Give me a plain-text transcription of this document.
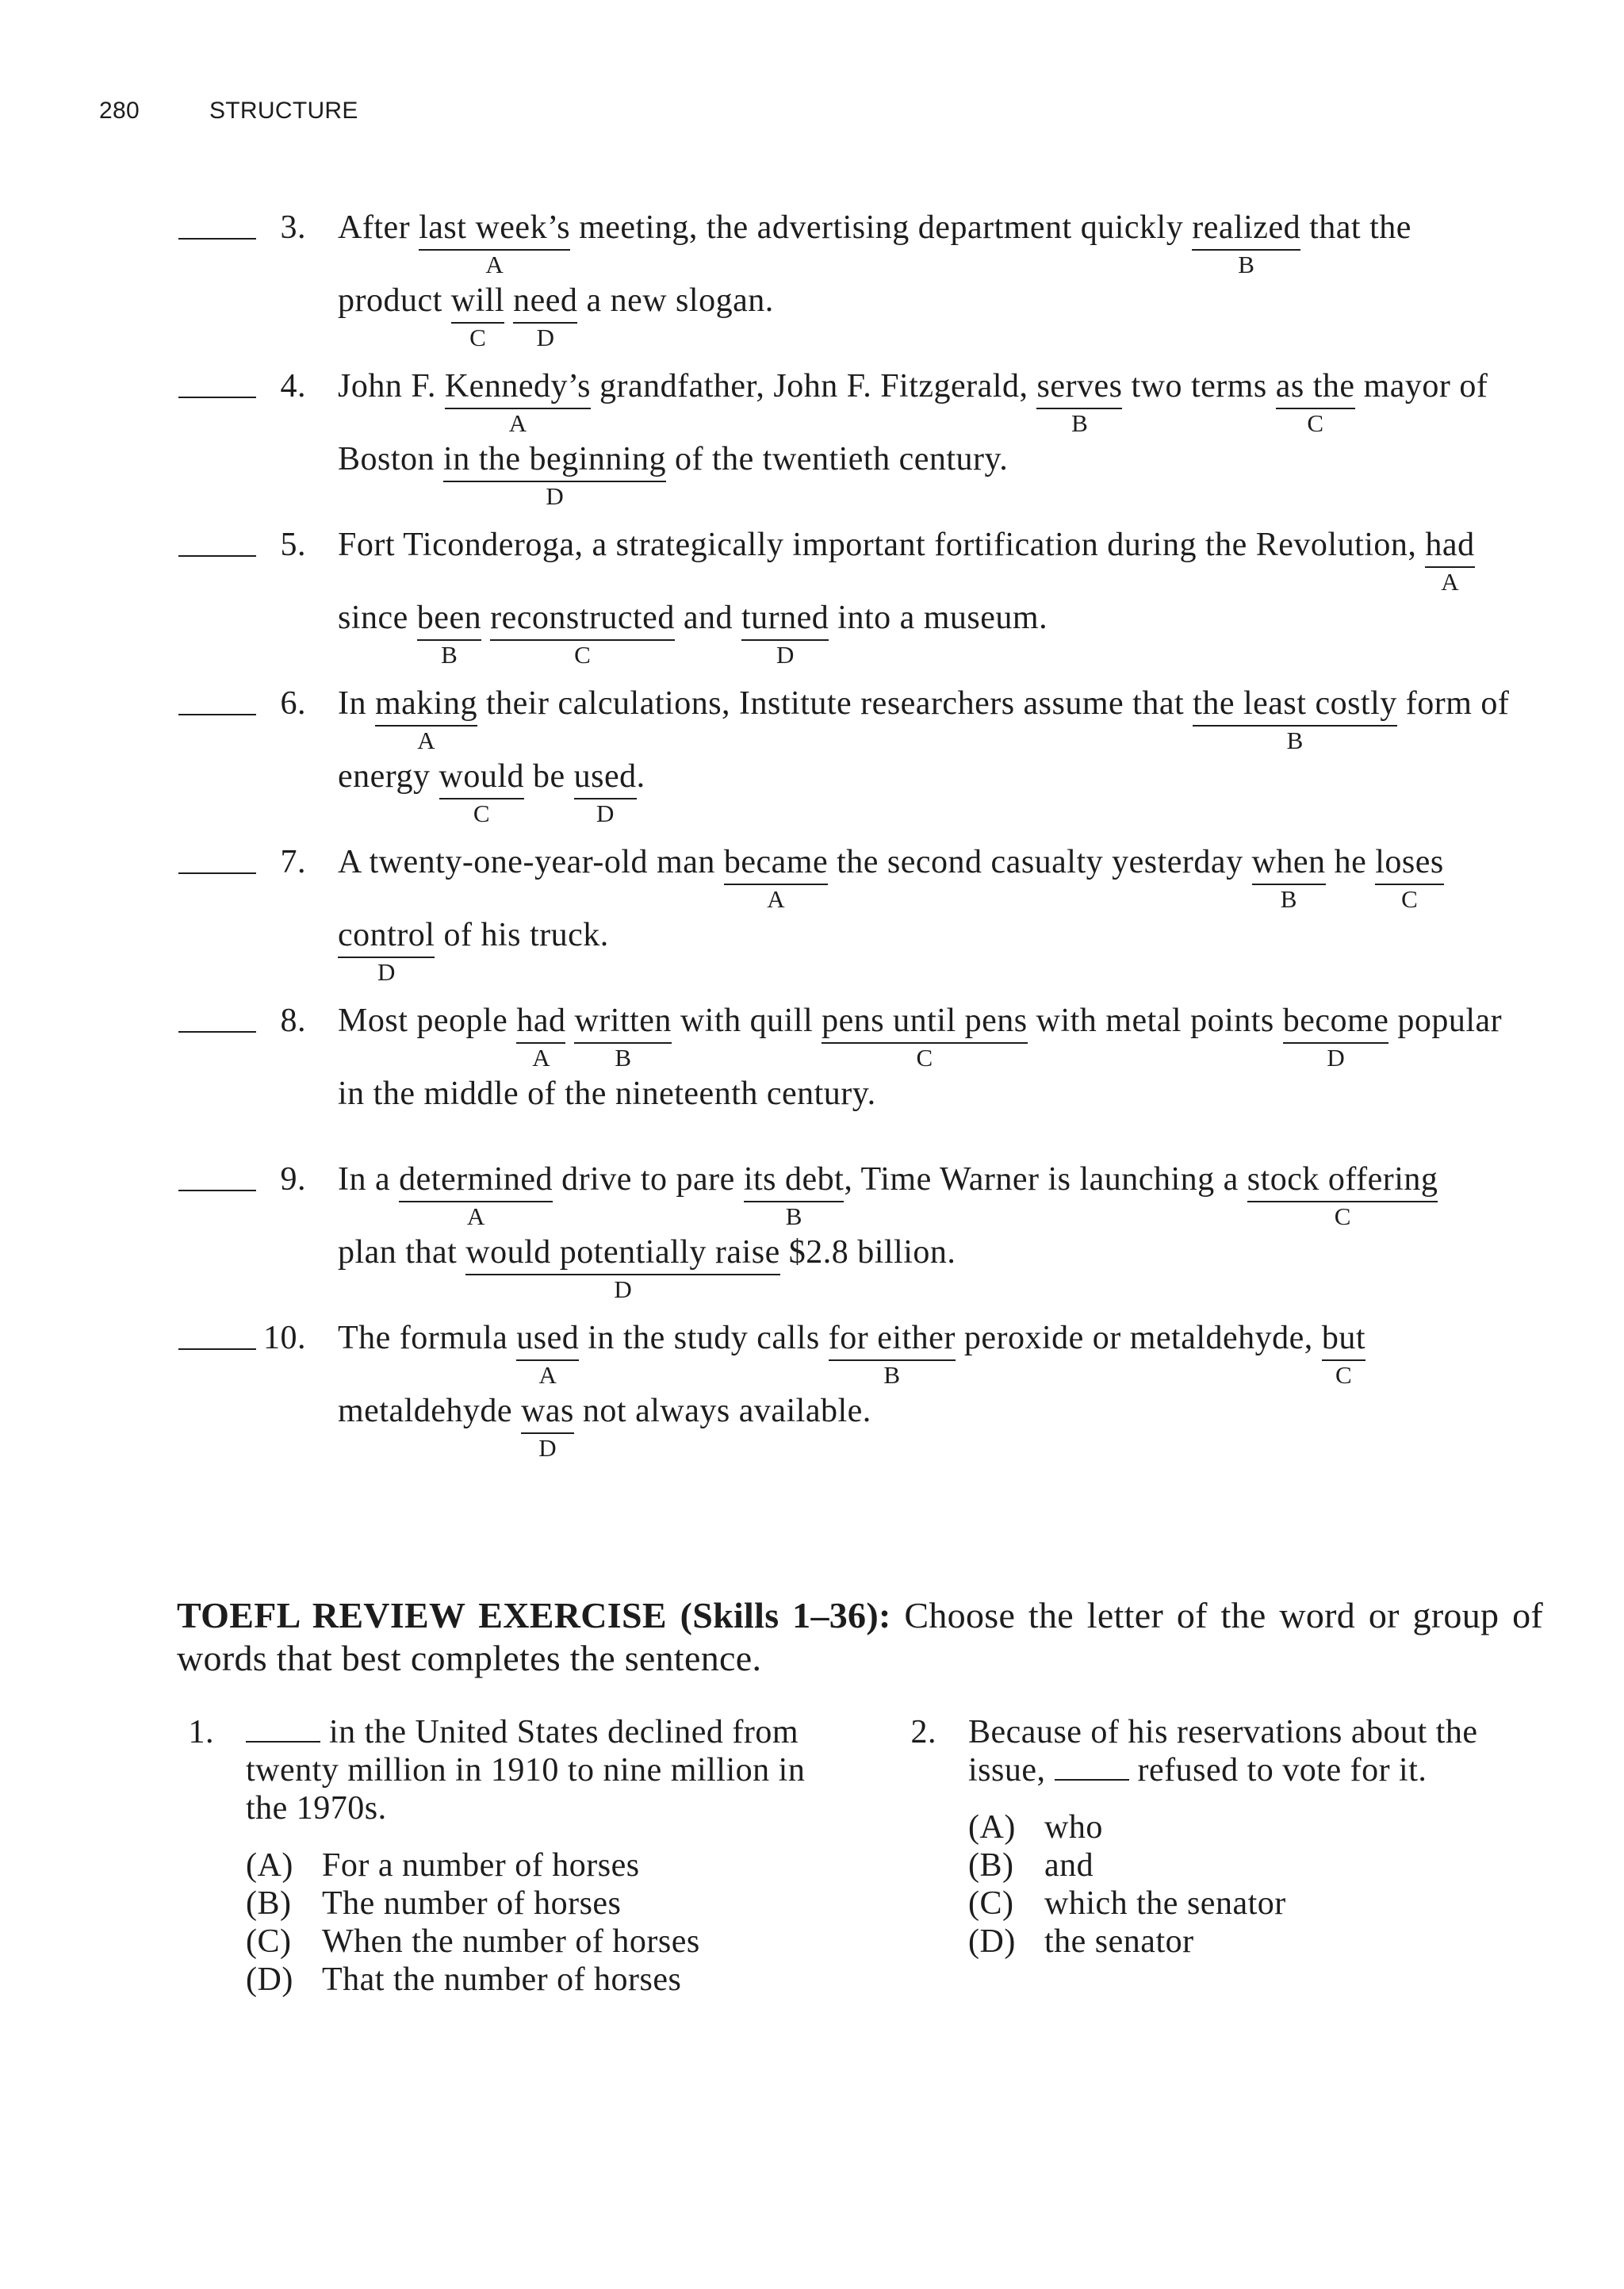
280	STRUCTURE
3. After last week’s
A
meeting, the advertising department quickly realized
B
that the
product will
C
need
D
a new slogan.
4. John F. Kennedy’s
A
grandfather, John F. Fitzgerald, serves
B
two terms as the
C
mayor of
Boston in the beginning
D
of the twentieth century.
5. Fort Ticonderoga, a strategically important fortification during the Revolution, had
A
since been
B
reconstructed
C
and turned
D
into a museum.
6. In making
A
their calculations, Institute researchers assume that the least costly
B
form of
energy would
C
be used
D
.
7. A twenty-one-year-old man became
A
the second casualty yesterday when
B
he loses
C
control
D
of his truck.
8. Most people had
A
written
B
with quill pens until pens
C
with metal points become
D
popular
in the middle of the nineteenth century.
9. In a determined
A
drive to pare its debt
B
, Time Warner is launching a stock offering
C
plan that would potentially raise
D
$2.8 billion.
10. The formula used
A
in the study calls for either
B
peroxide or metaldehyde, but
C
metaldehyde was
D
not always available.
TOEFL REVIEW EXERCISE (Skills 1–36): Choose the letter of the word or group of
words that best completes the sentence.
1.	in the United States declined from
twenty million in 1910 to nine million in
the 1970s.
(A) For a number of horses
(B) The number of horses
(C) When the number of horses
(D) That the number of horses
2. Because of his reservations about the
issue,  refused to vote for it.
(A) who
(B) and
(C) which the senator
(D) the senator
